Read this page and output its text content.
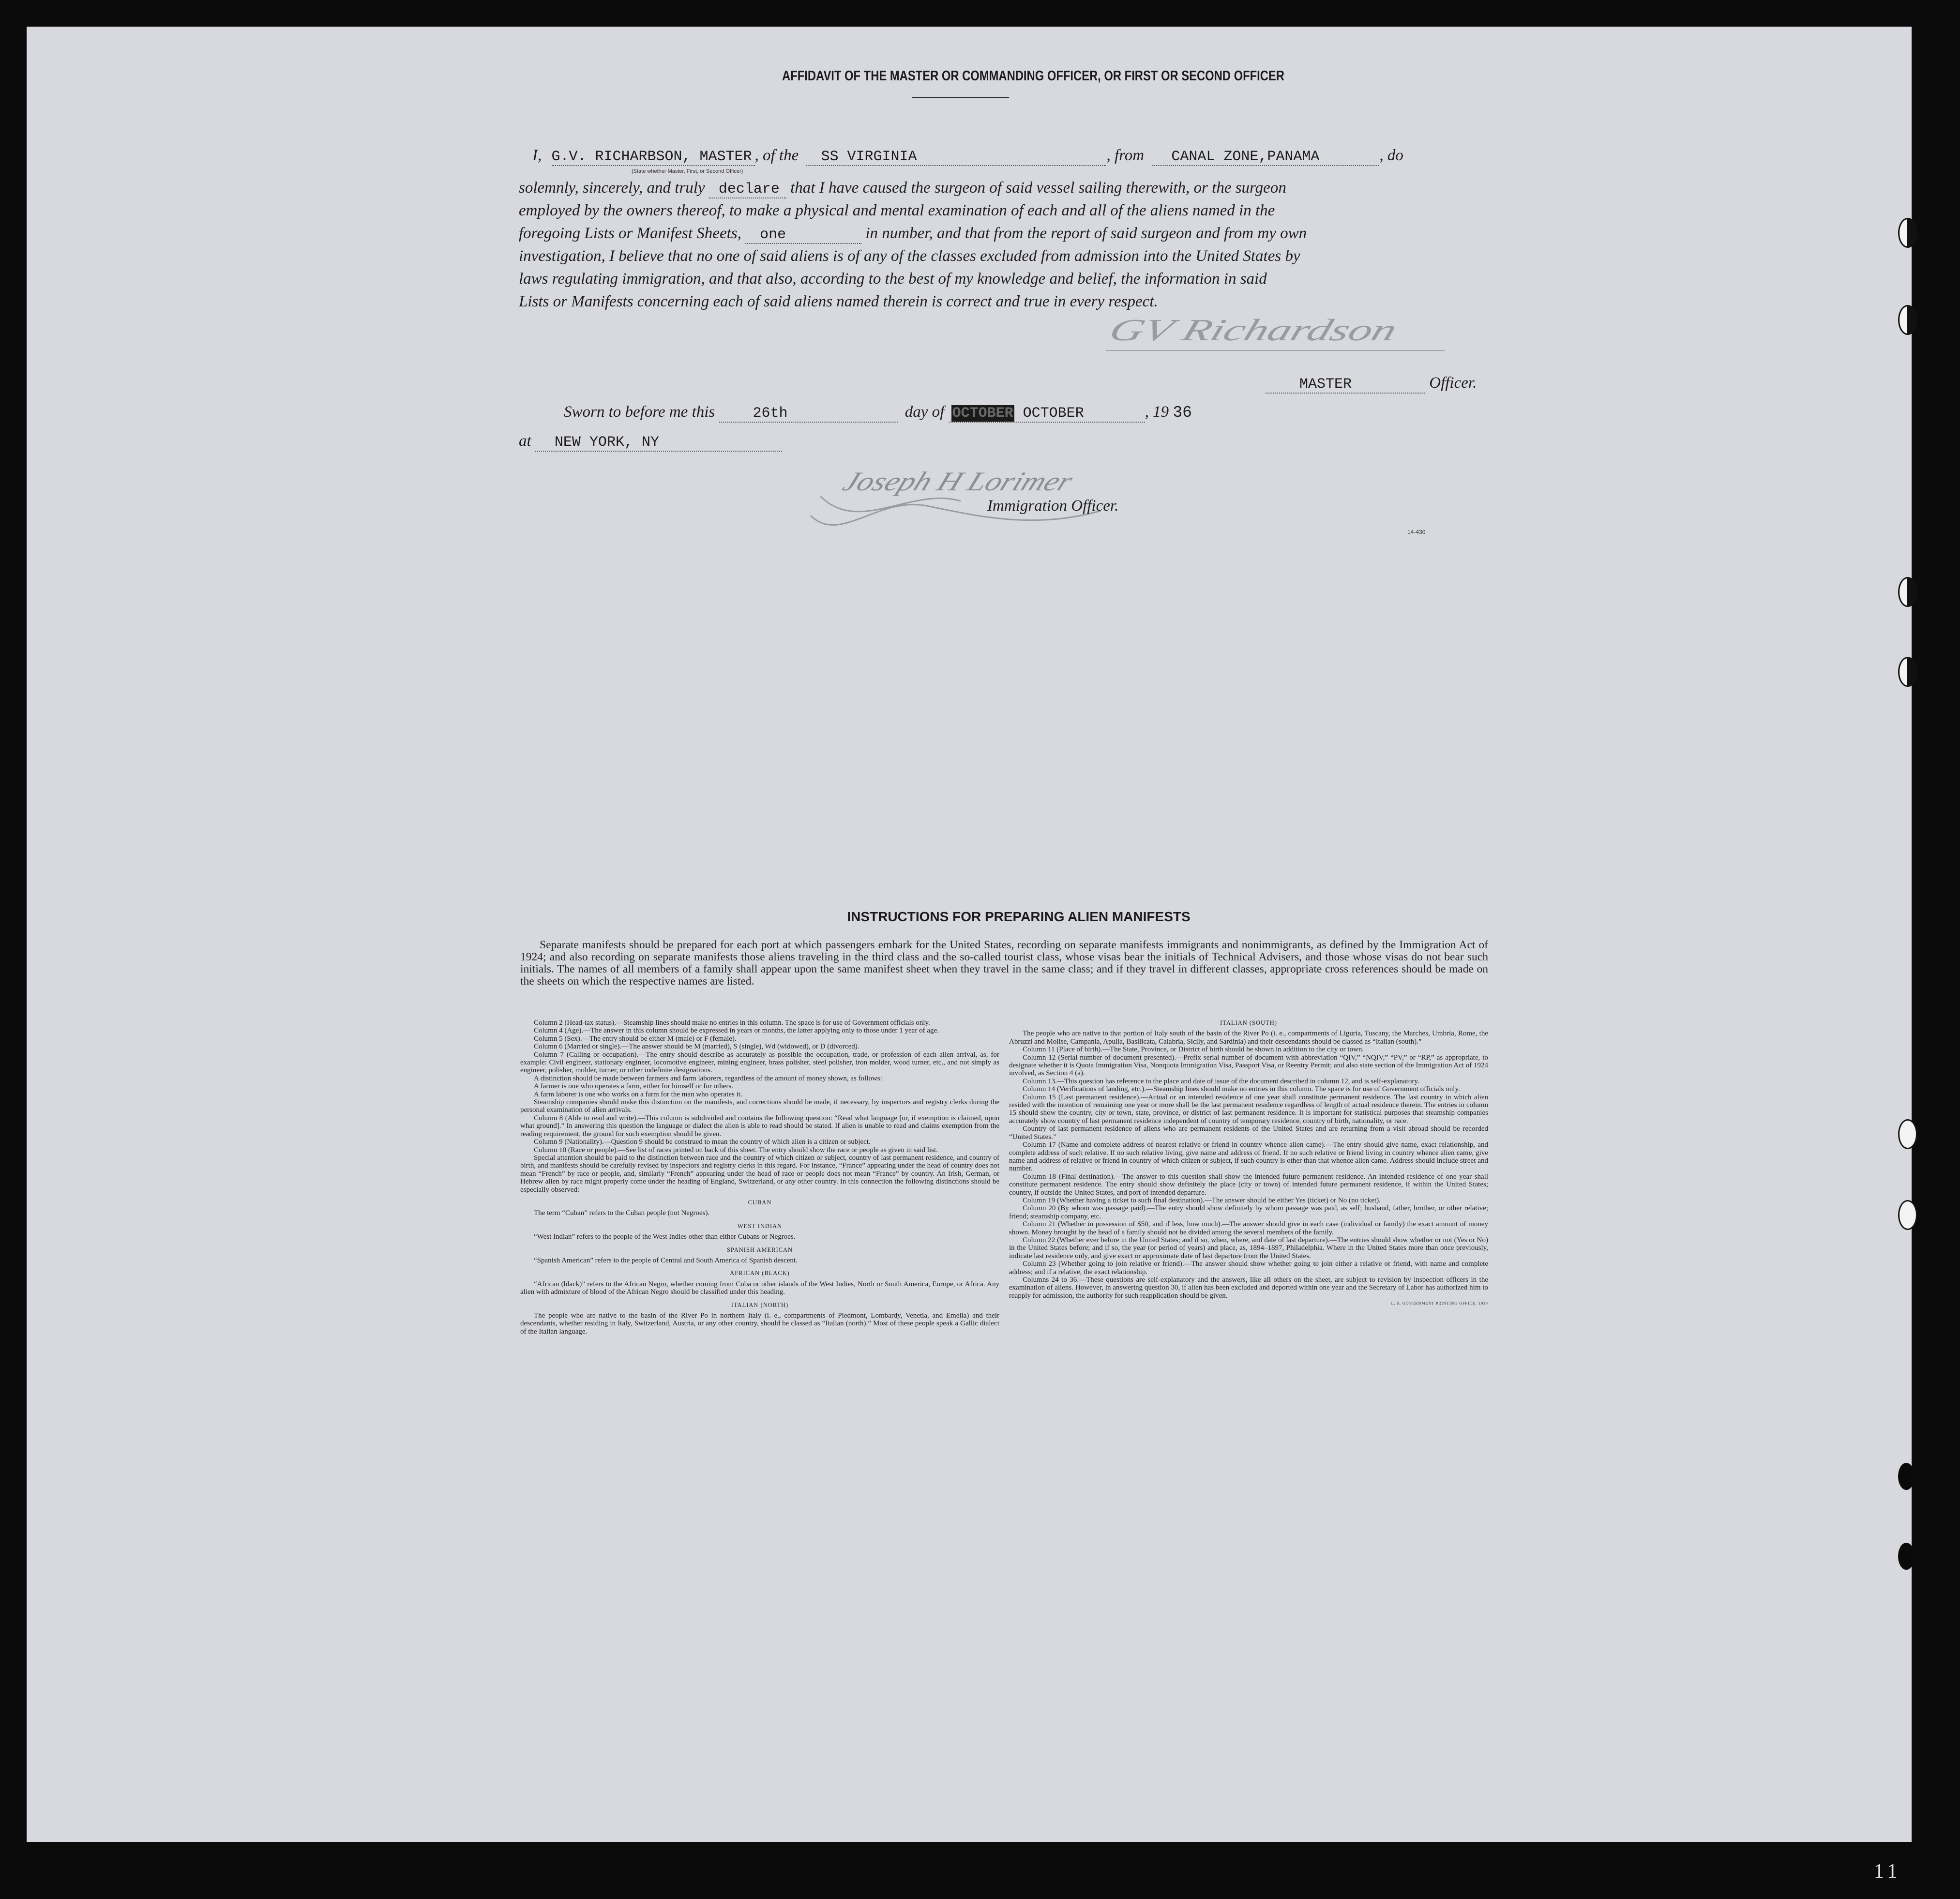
AFFIDAVIT OF THE MASTER OR COMMANDING OFFICER, OR FIRST OR SECOND OFFICER
I, G.V. RICHARBSON, MASTER , of the SS VIRGINIA	, from CANAL ZONE,PANAMA	, do
(State whether Master, First, or Second Officer)
solemnly, sincerely, and truly declare that I have caused the surgeon of said vessel sailing therewith, or the surgeon
employed by the owners thereof, to make a physical and mental examination of each and all of the aliens named in the
foregoing Lists or Manifest Sheets, one	in number, and that from the report of said surgeon and from my own
investigation, I believe that no one of said aliens is of any of the classes excluded from admission into the United States by
laws regulating immigration, and that also, according to the best of my knowledge and belief, the information in said
Lists or Manifests concerning each of said aliens named therein is correct and true in every respect.
GV Richardson
MASTER	Officer.
Sworn to before me this	26th	day of OCTOBER OCTOBER	, 19 36
at NEW YORK, NY
Joseph H Lorimer
Immigration Officer.
14-430
INSTRUCTIONS FOR PREPARING ALIEN MANIFESTS

Separate manifests should be prepared for each port at which passengers embark for the United States, recording on separate manifests immigrants and nonimmigrants, as defined by the Immigration Act of 1924; and also recording on separate manifests those aliens traveling in the third class and the so-called tourist class, whose visas bear the initials of Technical Advisers, and those whose visas do not bear such initials. The names of all members of a family shall appear upon the same manifest sheet when they travel in the same class; and if they travel in different classes, appropriate cross references should be made on the sheets on which the respective names are listed.

Column 2 (Head-tax status).—Steamship lines should make no entries in this column. The space is for use of Government officials only.

Column 4 (Age).—The answer in this column should be expressed in years or months, the latter applying only to those under 1 year of age.

Column 5 (Sex).—The entry should be either M (male) or F (female).

Column 6 (Married or single).—The answer should be M (married), S (single), Wd (widowed), or D (divorced).

Column 7 (Calling or occupation).—The entry should describe as accurately as possible the occupation, trade, or profession of each alien arrival, as, for example: Civil engineer, stationary engineer, locomotive engineer, mining engineer, brass polisher, steel polisher, iron molder, wood turner, etc., and not simply as engineer, polisher, molder, turner, or other indefinite designations.

A distinction should be made between farmers and farm laborers, regardless of the amount of money shown, as follows:

A farmer is one who operates a farm, either for himself or for others.

A farm laborer is one who works on a farm for the man who operates it.

Steamship companies should make this distinction on the manifests, and corrections should be made, if necessary, by inspectors and registry clerks during the personal examination of alien arrivals.

Column 8 (Able to read and write).—This column is subdivided and contains the following question: “Read what language [or, if exemption is claimed, upon what ground].” In answering this question the language or dialect the alien is able to read should be stated. If alien is unable to read and claims exemption from the reading requirement, the ground for such exemption should be given.

Column 9 (Nationality).—Question 9 should be construed to mean the country of which alien is a citizen or subject.

Column 10 (Race or people).—See list of races printed on back of this sheet. The entry should show the race or people as given in said list.

Special attention should be paid to the distinction between race and the country of which citizen or subject, country of last permanent residence, and country of birth, and manifests should be carefully revised by inspectors and registry clerks in this regard. For instance, “France” appearing under the head of country does not mean “French” by race or people, and, similarly “French” appearing under the head of race or people does not mean “France” by country. An Irish, German, or Hebrew alien by race might properly come under the heading of England, Switzerland, or any other country. In this connection the following distinctions should be especially observed:

CUBAN

The term “Cuban” refers to the Cuban people (not Negroes).

WEST INDIAN

“West Indian” refers to the people of the West Indies other than either Cubans or Negroes.

SPANISH AMERICAN

“Spanish American” refers to the people of Central and South America of Spanish descent.

AFRICAN (BLACK)

“African (black)” refers to the African Negro, whether coming from Cuba or other islands of the West Indies, North or South America, Europe, or Africa. Any alien with admixture of blood of the African Negro should be classified under this heading.

ITALIAN (NORTH)

The people who are native to the basin of the River Po in northern Italy (i. e., compartments of Piedmont, Lombardy, Venetia, and Emelia) and their descendants, whether residing in Italy, Switzerland, Austria, or any other country, should be classed as “Italian (north).” Most of these people speak a Gallic dialect of the Italian language.

ITALIAN (SOUTH)

The people who are native to that portion of Italy south of the basin of the River Po (i. e., compartments of Liguria, Tuscany, the Marches, Umbria, Rome, the Abruzzi and Molise, Campania, Apulia, Basilicata, Calabria, Sicily, and Sardinia) and their descendants should be classed as “Italian (south).”

Column 11 (Place of birth).—The State, Province, or District of birth should be shown in addition to the city or town.

Column 12 (Serial number of document presented).—Prefix serial number of document with abbreviation “QIV,” “NQIV,” “PV,” or “RP,” as appropriate, to designate whether it is Quota Immigration Visa, Nonquota Immigration Visa, Passport Visa, or Reentry Permit; and also state section of the Immigration Act of 1924 involved, as Section 4 (a).

Column 13.—This question has reference to the place and date of issue of the document described in column 12, and is self-explanatory.

Column 14 (Verifications of landing, etc.).—Steamship lines should make no entries in this column. The space is for use of Government officials only.

Column 15 (Last permanent residence).—Actual or an intended residence of one year shall constitute permanent residence. The last country in which alien resided with the intention of remaining one year or more shall be the last permanent residence regardless of length of actual residence therein. The entries in column 15 should show the country, city or town, state, province, or district of last permanent residence. It is important for statistical purposes that steamship companies accurately show country of last permanent residence independent of country of temporary residence, country of birth, nationality, or race.

Country of last permanent residence of aliens who are permanent residents of the United States and are returning from a visit abroad should be recorded “United States.”

Column 17 (Name and complete address of nearest relative or friend in country whence alien came).—The entry should give name, exact relationship, and complete address of such relative. If no such relative living, give name and address of friend. If no such relative or friend living in country whence alien came, give name and address of relative or friend in country of which citizen or subject, if such country is other than that whence alien came. Address should include street and number.

Column 18 (Final destination).—The answer to this question shall show the intended future permanent residence. An intended residence of one year shall constitute permanent residence. The entry should show definitely the place (city or town) of intended future permanent residence, if within the United States; country, if outside the United States, and port of intended departure.

Column 19 (Whether having a ticket to such final destination).—The answer should be either Yes (ticket) or No (no ticket).

Column 20 (By whom was passage paid).—The entry should show definitely by whom passage was paid, as self; husband, father, brother, or other relative; friend; steamship company, etc.

Column 21 (Whether in possession of $50, and if less, how much).—The answer should give in each case (individual or family) the exact amount of money shown. Money brought by the head of a family should not be divided among the several members of the family.

Column 22 (Whether ever before in the United States; and if so, when, where, and date of last departure).—The entries should show whether or not (Yes or No) in the United States before; and if so, the year (or period of years) and place, as, 1894–1897, Philadelphia. Where in the United States more than once previously, indicate last residence only, and give exact or approximate date of last departure from the United States.

Column 23 (Whether going to join relative or friend).—The answer should show whether going to join either a relative or friend, with name and complete address; and if a relative, the exact relationship.

Columns 24 to 36.—These questions are self-explanatory and the answers, like all others on the sheet, are subject to revision by inspection officers in the examination of aliens. However, in answering question 30, if alien has been excluded and deported within one year and the Secretary of Labor has authorized him to reapply for admission, the authority for such reapplication should be given.

U. S. GOVERNMENT PRINTING OFFICE: 1934
11
